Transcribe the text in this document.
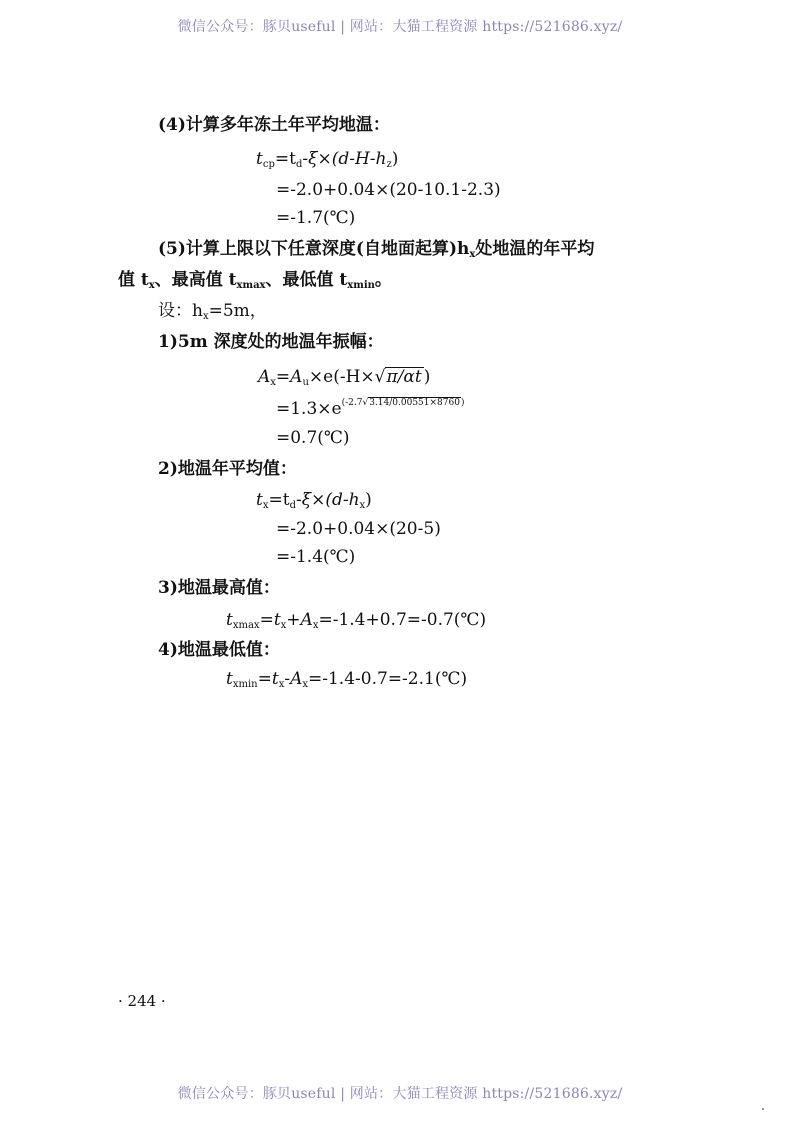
微信公众号：豚贝useful | 网站：大猫工程资源 https://521686.xyz/
(4)计算多年冻土年平均地温：
$t_{cp}=t_d-\xi\times(d-H-h_z)$
=-2.0+0.04×(20-10.1-2.3)
=-1.7(℃)
(5)计算上限以下任意深度(自地面起算)$h_x$处地温的年平均
值 $t_x$、最高值 $t_{xmax}$、最低值 $t_{xmin}$。
设：$h_x=5m$，
1)5m 深度处的地温年振幅：
$A_x=A_u\times e(-H\times√\pi/\alpha t$ )
$=1.3\times e^{(-2.7√3.14/0.00551\times 8760)}$
=0.7(℃)
2)地温年平均值：
$t_x=t_d-\xi\times(d-h_x)$
=-2.0+0.04×(20-5)
=-1.4(℃)
3)地温最高值：
$t_{xmax}=t_x+A_x=-1.4+0.7=-0.7(℃)$
4)地温最低值：
$t_{xmin}=t_x-A_x=-1.4-0.7=-2.1(℃)$
· 244 ·
微信公众号：豚贝useful | 网站：大猫工程资源 https://521686.xyz/
